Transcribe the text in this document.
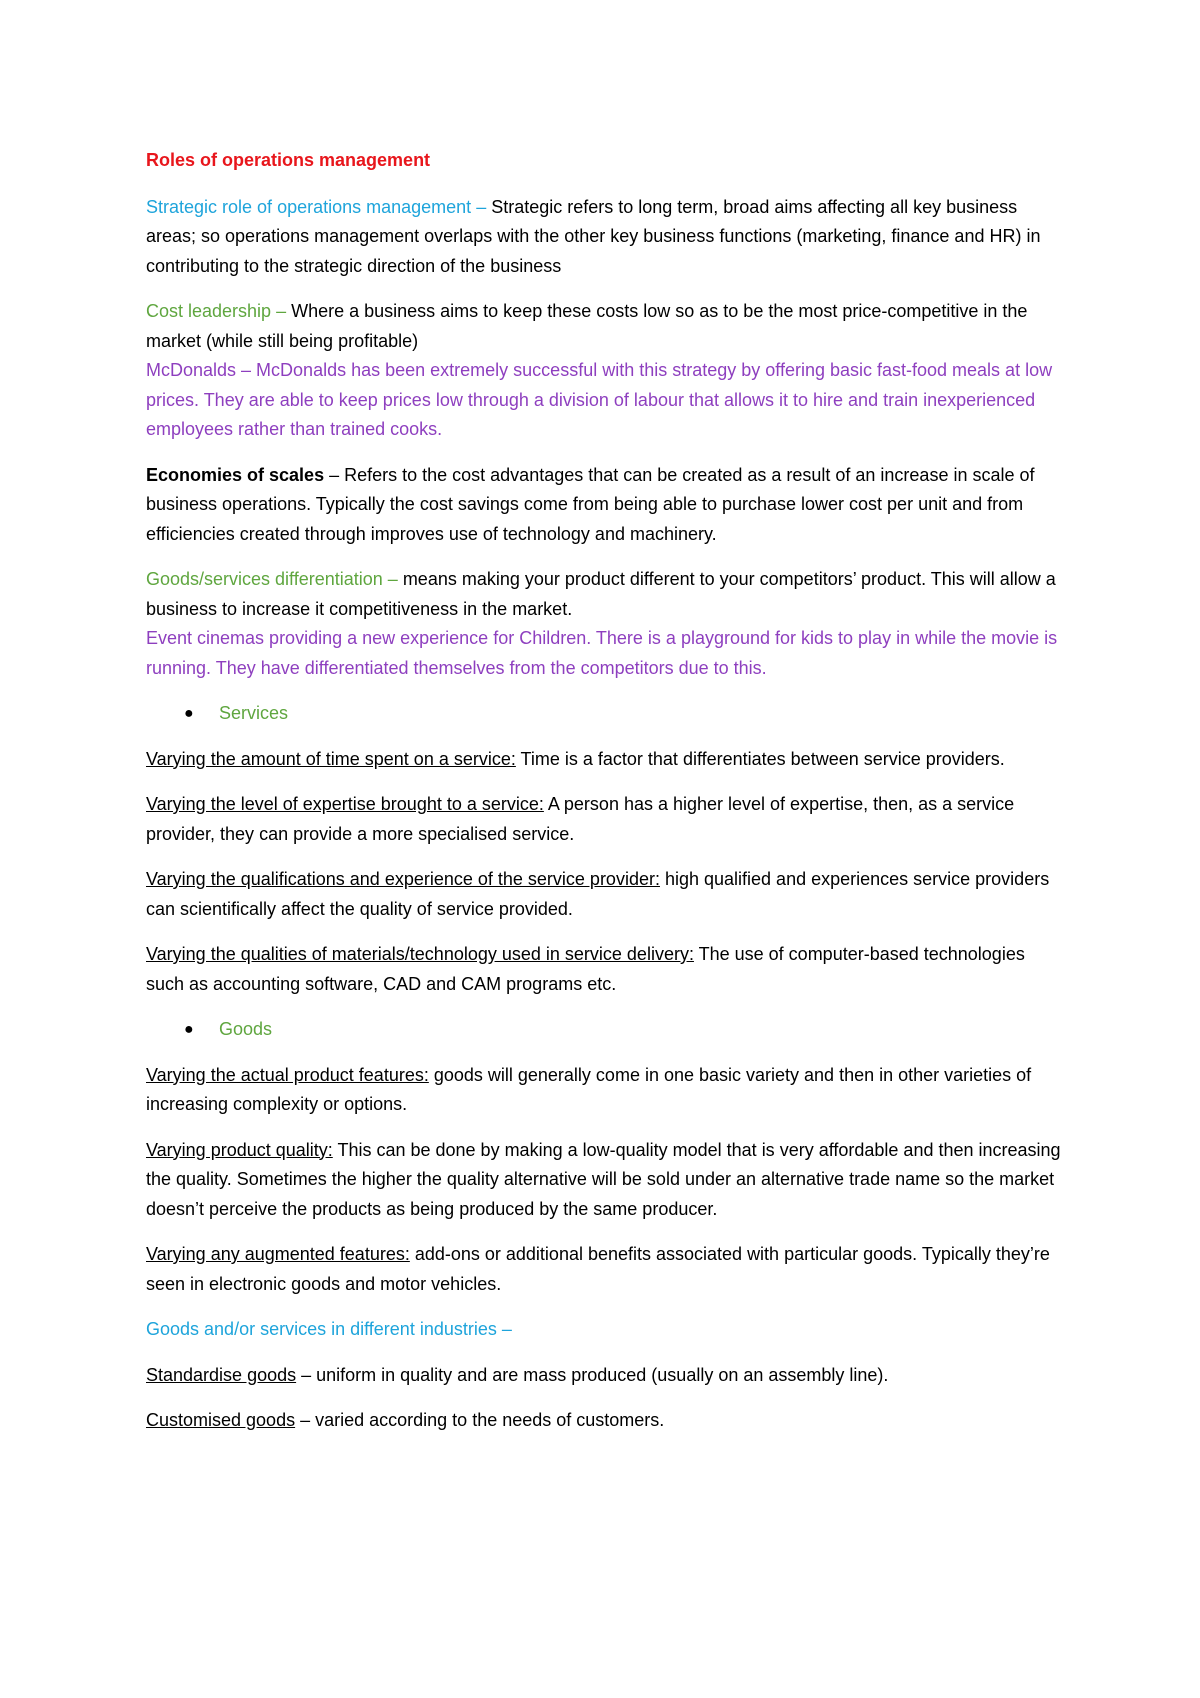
Roles of operations management

Strategic role of operations management – Strategic refers to long term, broad aims affecting all key business areas; so operations management overlaps with the other key business functions (marketing, finance and HR) in contributing to the strategic direction of the business

Cost leadership – Where a business aims to keep these costs low so as to be the most price-competitive in the market (while still being profitable)

McDonalds – McDonalds has been extremely successful with this strategy by offering basic fast-food meals at low prices. They are able to keep prices low through a division of labour that allows it to hire and train inexperienced employees rather than trained cooks.

Economies of scales – Refers to the cost advantages that can be created as a result of an increase in scale of business operations. Typically the cost savings come from being able to purchase lower cost per unit and from efficiencies created through improves use of technology and machinery.

Goods/services differentiation – means making your product different to your competitors’ product. This will allow a business to increase it competitiveness in the market.

Event cinemas providing a new experience for Children. There is a playground for kids to play in while the movie is running. They have differentiated themselves from the competitors due to this.

● Services

Varying the amount of time spent on a service: Time is a factor that differentiates between service providers.

Varying the level of expertise brought to a service: A person has a higher level of expertise, then, as a service provider, they can provide a more specialised service.

Varying the qualifications and experience of the service provider: high qualified and experiences service providers can scientifically affect the quality of service provided.

Varying the qualities of materials/technology used in service delivery: The use of computer-based technologies such as accounting software, CAD and CAM programs etc.

● Goods

Varying the actual product features: goods will generally come in one basic variety and then in other varieties of increasing complexity or options.

Varying product quality: This can be done by making a low-quality model that is very affordable and then increasing the quality. Sometimes the higher the quality alternative will be sold under an alternative trade name so the market doesn’t perceive the products as being produced by the same producer.

Varying any augmented features: add-ons or additional benefits associated with particular goods. Typically they’re seen in electronic goods and motor vehicles.

Goods and/or services in different industries –

Standardise goods – uniform in quality and are mass produced (usually on an assembly line).

Customised goods – varied according to the needs of customers.
